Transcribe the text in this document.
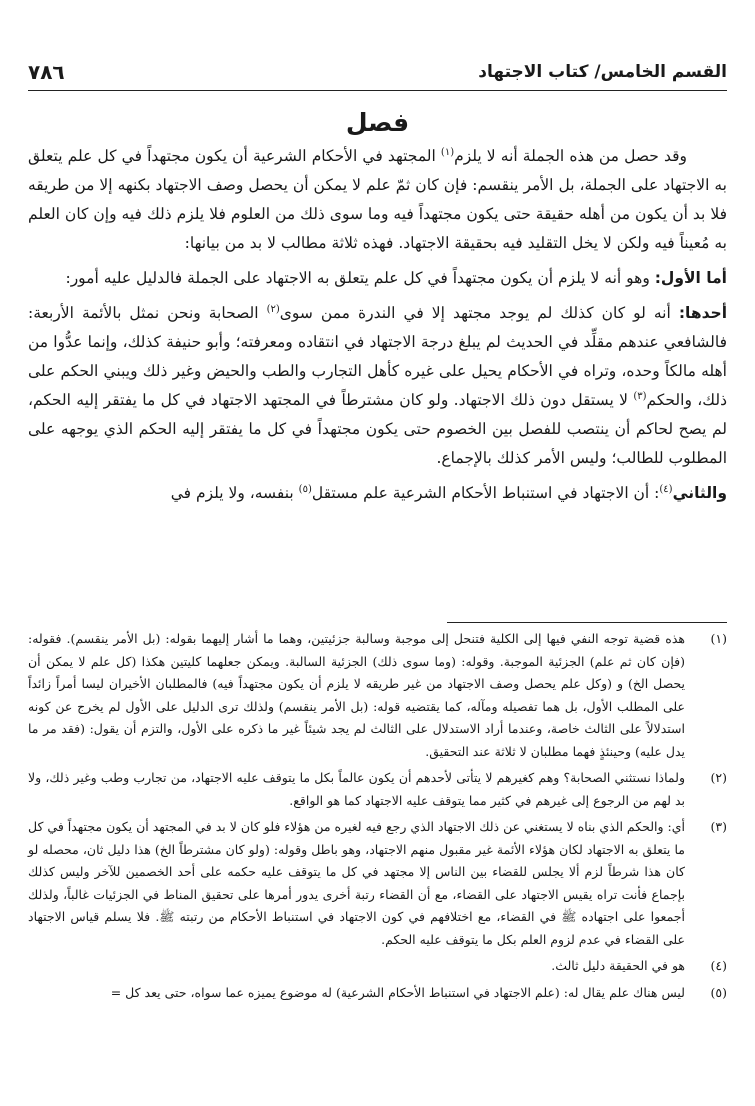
القسم الخامس/ كتاب الاجتهاد
٧٨٦
فصل

وقد حصل من هذه الجملة أنه لا يلزم$^{(١)}$ المجتهد في الأحكام الشرعية أن يكون مجتهداً في كل علم يتعلق به الاجتهاد على الجملة، بل الأمر ينقسم: فإن كان ثمّ علم لا يمكن أن يحصل وصف الاجتهاد بكنهه إلا من طريقه فلا بد أن يكون من أهله حقيقة حتى يكون مجتهداً فيه وما سوى ذلك من العلوم فلا يلزم ذلك فيه وإن كان العلم به مُعيناً فيه ولكن لا يخل التقليد فيه بحقيقة الاجتهاد. فهذه ثلاثة مطالب لا بد من بيانها:

أما الأول: وهو أنه لا يلزم أن يكون مجتهداً في كل علم يتعلق به الاجتهاد على الجملة فالدليل عليه أمور:

أحدها: أنه لو كان كذلك لم يوجد مجتهد إلا في الندرة ممن سوى$^{(٢)}$ الصحابة ونحن نمثل بالأئمة الأربعة: فالشافعي عندهم مقلِّد في الحديث لم يبلغ درجة الاجتهاد في انتقاده ومعرفته؛ وأبو حنيفة كذلك، وإنما عدُّوا من أهله مالكاً وحده، وتراه في الأحكام يحيل على غيره كأهل التجارب والطب والحيض وغير ذلك ويبني الحكم على ذلك، والحكم$^{(٣)}$ لا يستقل دون ذلك الاجتهاد. ولو كان مشترطاً في المجتهد الاجتهاد في كل ما يفتقر إليه الحكم، لم يصح لحاكم أن ينتصب للفصل بين الخصوم حتى يكون مجتهداً في كل ما يفتقر إليه الحكم الذي يوجهه على المطلوب للطالب؛ وليس الأمر كذلك بالإجماع.

والثاني$^{(٤)}$: أن الاجتهاد في استنباط الأحكام الشرعية علم مستقل$^{(٥)}$ بنفسه، ولا يلزم في

(١)
هذه قضية توجه النفي فيها إلى الكلية فتنحل إلى موجبة وسالبة جزئيتين، وهما ما أشار إليهما بقوله: (بل الأمر ينقسم). فقوله: (فإن كان ثم علم) الجزئية الموجبة. وقوله: (وما سوى ذلك) الجزئية السالبة. ويمكن جعلهما كليتين هكذا (كل علم لا يمكن أن يحصل الخ) و (وكل علم يحصل وصف الاجتهاد من غير طريقه لا يلزم أن يكون مجتهداً فيه) فالمطلبان الأخيران ليسا أمراً زائداً على المطلب الأول، بل هما تفصيله ومآله، كما يقتضيه قوله: (بل الأمر ينقسم) ولذلك ترى الدليل على الأول لم يخرج عن كونه استدلالاً على الثالث خاصة، وعندما أراد الاستدلال على الثالث لم يجد شيئاً غير ما ذكره على الأول، والتزم أن يقول: (فقد مر ما يدل عليه) وحينئذٍ فهما مطلبان لا ثلاثة عند التحقيق.
(٢)
ولماذا نستثني الصحابة؟ وهم كغيرهم لا يتأتى لأحدهم أن يكون عالماً بكل ما يتوقف عليه الاجتهاد، من تجارب وطب وغير ذلك، ولا بد لهم من الرجوع إلى غيرهم في كثير مما يتوقف عليه الاجتهاد كما هو الواقع.
(٣)
أي: والحكم الذي بناه لا يستغني عن ذلك الاجتهاد الذي رجع فيه لغيره من هؤلاء فلو كان لا بد في المجتهد أن يكون مجتهداً في كل ما يتعلق به الاجتهاد لكان هؤلاء الأئمة غير مقبول منهم الاجتهاد، وهو باطل وقوله: (ولو كان مشترطاً الخ) هذا دليل ثان، محصله لو كان هذا شرطاً لزم ألا يجلس للقضاء بين الناس إلا مجتهد في كل ما يتوقف عليه حكمه على أحد الخصمين للآخر وليس كذلك بإجماع فأنت تراه يقيس الاجتهاد على القضاء، مع أن القضاء رتبة أخرى يدور أمرها على تحقيق المناط في الجزئيات غالباً، ولذلك أجمعوا على اجتهاده ﷺ في القضاء، مع اختلافهم في كون الاجتهاد في استنباط الأحكام من رتبته ﷺ. فلا يسلم قياس الاجتهاد على القضاء في عدم لزوم العلم بكل ما يتوقف عليه الحكم.
(٤)
هو في الحقيقة دليل ثالث.
(٥)
ليس هناك علم يقال له: (علم الاجتهاد في استنباط الأحكام الشرعية) له موضوع يميزه عما سواه، حتى يعد كل =
